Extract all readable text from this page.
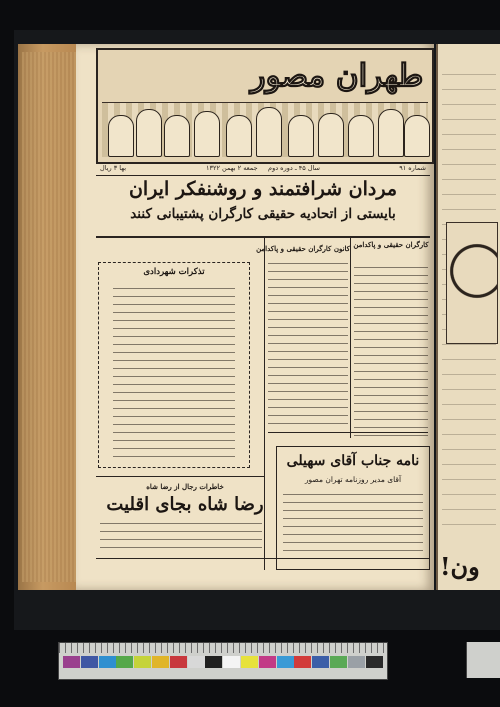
ون!
طهران مصور
شماره ۹۱
سال ۴۵ ـ دوره دوم
جمعه ۲ بهمن ۱۳۲۲
بها ۳ ریال
مردان شرافتمند و روشنفکر ایران
بایستی از اتحادیه حقیقی کارگران پشتیبانی کنند
کارگران حقیقی و پاکدامن
کانون کارگران حقیقی و پاکدامن
تذکرات شهردادی
نامه جناب آقای سهیلی
آقای مدیر روزنامه تهران مصور
خاطرات رجال از رضا شاه
رضا شاه بجای اقلیت
